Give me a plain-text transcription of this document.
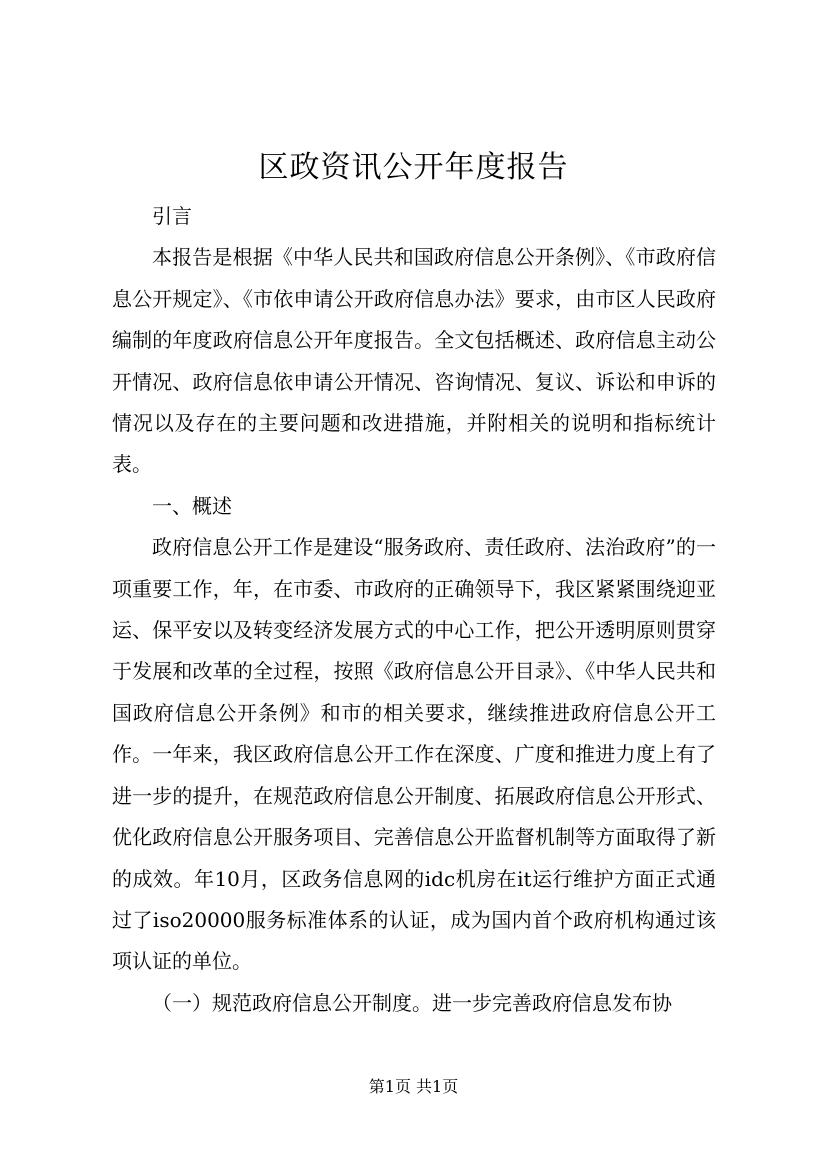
区政资讯公开年度报告

引言

本报告是根据《中华人民共和国政府信息公开条例》、《市政府信息公开规定》、《市依申请公开政府信息办法》要求，由市区人民政府编制的年度政府信息公开年度报告。全文包括概述、政府信息主动公开情况、政府信息依申请公开情况、咨询情况、复议、诉讼和申诉的情况以及存在的主要问题和改进措施，并附相关的说明和指标统计表。

一、概述

政府信息公开工作是建设“服务政府、责任政府、法治政府”的一项重要工作，年，在市委、市政府的正确领导下，我区紧紧围绕迎亚运、保平安以及转变经济发展方式的中心工作，把公开透明原则贯穿于发展和改革的全过程，按照《政府信息公开目录》、《中华人民共和国政府信息公开条例》和市的相关要求，继续推进政府信息公开工作。一年来，我区政府信息公开工作在深度、广度和推进力度上有了进一步的提升，在规范政府信息公开制度、拓展政府信息公开形式、优化政府信息公开服务项目、完善信息公开监督机制等方面取得了新的成效。年10月，区政务信息网的idc机房在it运行维护方面正式通过了iso20000服务标准体系的认证，成为国内首个政府机构通过该项认证的单位。

（一）规范政府信息公开制度。进一步完善政府信息发布协

第1页 共1页
